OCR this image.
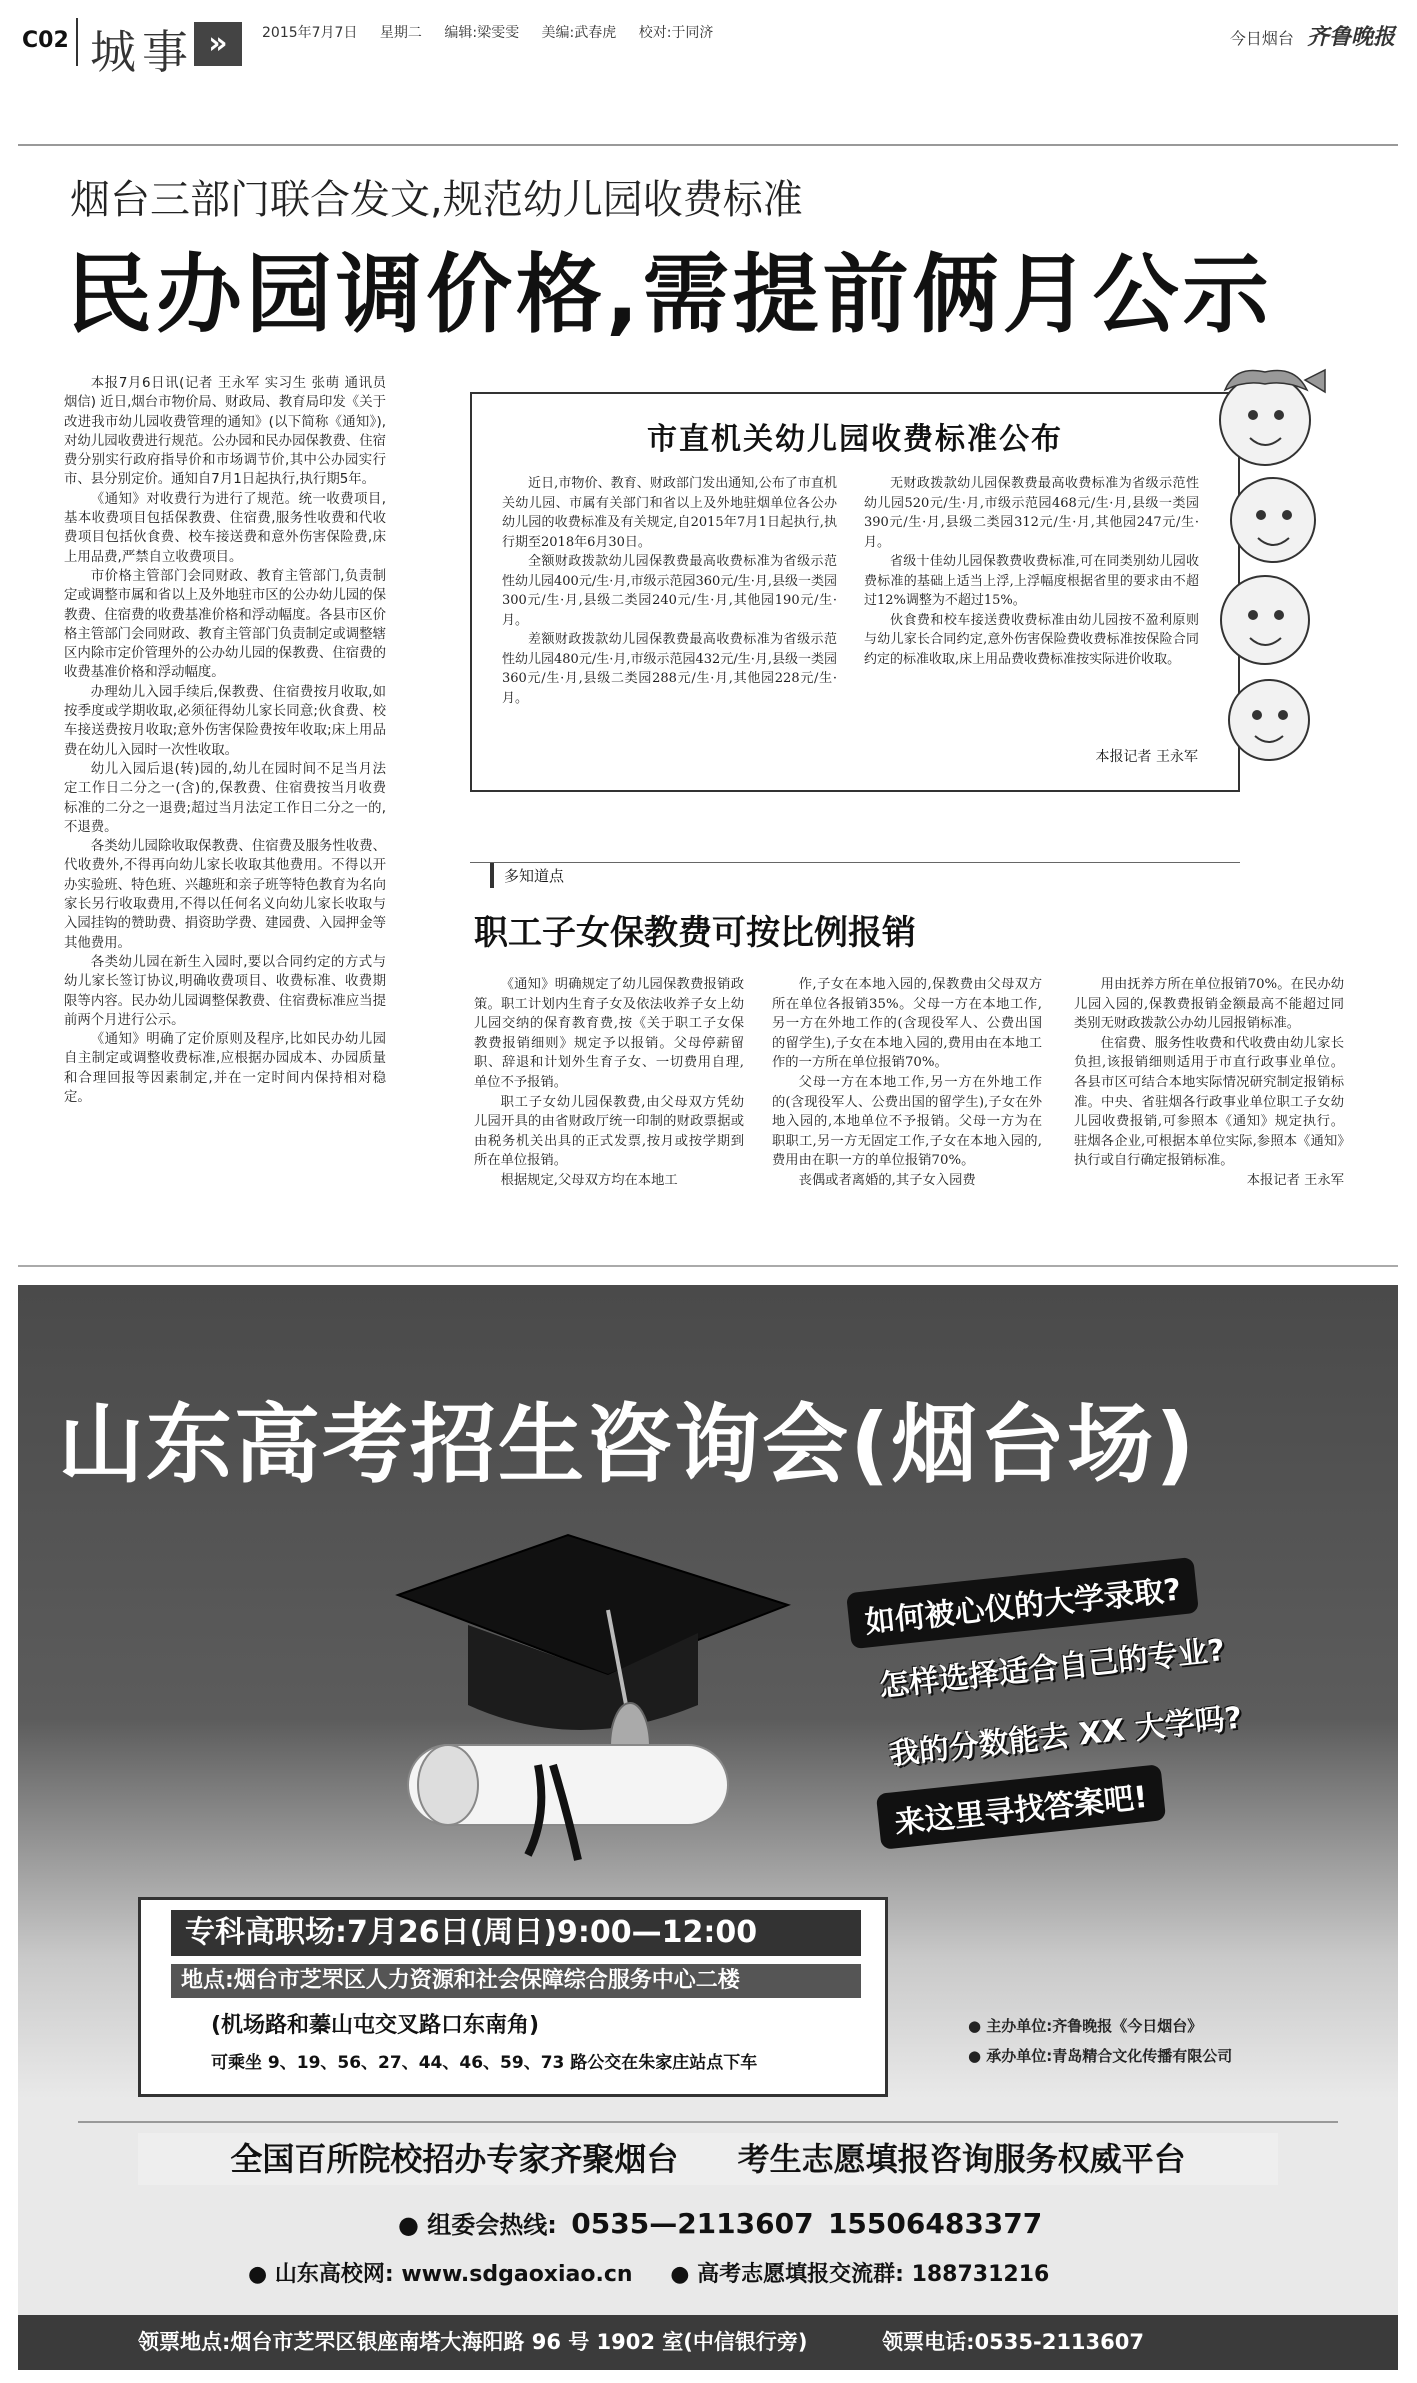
C02 城事 »	2015年7月7日 星期二 编辑:梁雯雯 美编:武春虎 校对:于同济	今日烟台 齐鲁晚报
烟台三部门联合发文,规范幼儿园收费标准
民办园调价格,需提前俩月公示

本报7月6日讯(记者 王永军 实习生 张萌 通讯员 烟信) 近日,烟台市物价局、财政局、教育局印发《关于改进我市幼儿园收费管理的通知》(以下简称《通知》),对幼儿园收费进行规范。公办园和民办园保教费、住宿费分别实行政府指导价和市场调节价,其中公办园实行市、县分别定价。通知自7月1日起执行,执行期5年。

《通知》对收费行为进行了规范。统一收费项目,基本收费项目包括保教费、住宿费,服务性收费和代收费项目包括伙食费、校车接送费和意外伤害保险费,床上用品费,严禁自立收费项目。

市价格主管部门会同财政、教育主管部门,负责制定或调整市属和省以上及外地驻市区的公办幼儿园的保教费、住宿费的收费基准价格和浮动幅度。各县市区价格主管部门会同财政、教育主管部门负责制定或调整辖区内除市定价管理外的公办幼儿园的保教费、住宿费的收费基准价格和浮动幅度。

办理幼儿入园手续后,保教费、住宿费按月收取,如按季度或学期收取,必须征得幼儿家长同意;伙食费、校车接送费按月收取;意外伤害保险费按年收取;床上用品费在幼儿入园时一次性收取。

幼儿入园后退(转)园的,幼儿在园时间不足当月法定工作日二分之一(含)的,保教费、住宿费按当月收费标准的二分之一退费;超过当月法定工作日二分之一的,不退费。

各类幼儿园除收取保教费、住宿费及服务性收费、代收费外,不得再向幼儿家长收取其他费用。不得以开办实验班、特色班、兴趣班和亲子班等特色教育为名向家长另行收取费用,不得以任何名义向幼儿家长收取与入园挂钩的赞助费、捐资助学费、建园费、入园押金等其他费用。

各类幼儿园在新生入园时,要以合同约定的方式与幼儿家长签订协议,明确收费项目、收费标准、收费期限等内容。民办幼儿园调整保教费、住宿费标准应当提前两个月进行公示。

《通知》明确了定价原则及程序,比如民办幼儿园自主制定或调整收费标准,应根据办园成本、办园质量和合理回报等因素制定,并在一定时间内保持相对稳定。

市直机关幼儿园收费标准公布

近日,市物价、教育、财政部门发出通知,公布了市直机关幼儿园、市属有关部门和省以上及外地驻烟单位各公办幼儿园的收费标准及有关规定,自2015年7月1日起执行,执行期至2018年6月30日。

全额财政拨款幼儿园保教费最高收费标准为省级示范性幼儿园400元/生·月,市级示范园360元/生·月,县级一类园300元/生·月,县级二类园240元/生·月,其他园190元/生·月。

差额财政拨款幼儿园保教费最高收费标准为省级示范性幼儿园480元/生·月,市级示范园432元/生·月,县级一类园360元/生·月,县级二类园288元/生·月,其他园228元/生·月。

无财政拨款幼儿园保教费最高收费标准为省级示范性幼儿园520元/生·月,市级示范园468元/生·月,县级一类园390元/生·月,县级二类园312元/生·月,其他园247元/生·月。

省级十佳幼儿园保教费收费标准,可在同类别幼儿园收费标准的基础上适当上浮,上浮幅度根据省里的要求由不超过12%调整为不超过15%。

伙食费和校车接送费收费标准由幼儿园按不盈利原则与幼儿家长合同约定,意外伤害保险费收费标准按保险合同约定的标准收取,床上用品费收费标准按实际进价收取。

本报记者 王永军
多知道点
职工子女保教费可按比例报销

《通知》明确规定了幼儿园保教费报销政策。职工计划内生育子女及依法收养子女上幼儿园交纳的保育教育费,按《关于职工子女保教费报销细则》规定予以报销。父母停薪留职、辞退和计划外生育子女、一切费用自理,单位不予报销。

职工子女幼儿园保教费,由父母双方凭幼儿园开具的由省财政厅统一印制的财政票据或由税务机关出具的正式发票,按月或按学期到所在单位报销。

根据规定,父母双方均在本地工

作,子女在本地入园的,保教费由父母双方所在单位各报销35%。父母一方在本地工作,另一方在外地工作的(含现役军人、公费出国的留学生),子女在本地入园的,费用由在本地工作的一方所在单位报销70%。

父母一方在本地工作,另一方在外地工作的(含现役军人、公费出国的留学生),子女在外地入园的,本地单位不予报销。父母一方为在职职工,另一方无固定工作,子女在本地入园的,费用由在职一方的单位报销70%。

丧偶或者离婚的,其子女入园费

用由抚养方所在单位报销70%。在民办幼儿园入园的,保教费报销金额最高不能超过同类别无财政拨款公办幼儿园报销标准。

住宿费、服务性收费和代收费由幼儿家长负担,该报销细则适用于市直行政事业单位。各县市区可结合本地实际情况研究制定报销标准。中央、省驻烟各行政事业单位职工子女幼儿园收费报销,可参照本《通知》规定执行。驻烟各企业,可根据本单位实际,参照本《通知》执行或自行确定报销标准。

本报记者 王永军
山东高考招生咨询会(烟台场)
如何被心仪的大学录取?
怎样选择适合自己的专业?
我的分数能去 XX 大学吗?
来这里寻找答案吧!
专科高职场:7月26日(周日)9:00—12:00
地点:烟台市芝罘区人力资源和社会保障综合服务中心二楼
(机场路和蓁山屯交叉路口东南角)
可乘坐 9、19、56、27、44、46、59、73 路公交在朱家庄站点下车
● 主办单位:齐鲁晚报《今日烟台》
● 承办单位:青岛精合文化传播有限公司
全国百所院校招办专家齐聚烟台 考生志愿填报咨询服务权威平台
● 组委会热线: 0535—2113607 15506483377
● 山东高校网: www.sdgaoxiao.cn ● 高考志愿填报交流群: 188731216
领票地点:烟台市芝罘区银座南塔大海阳路 96 号 1902 室(中信银行旁)	领票电话:0535-2113607
